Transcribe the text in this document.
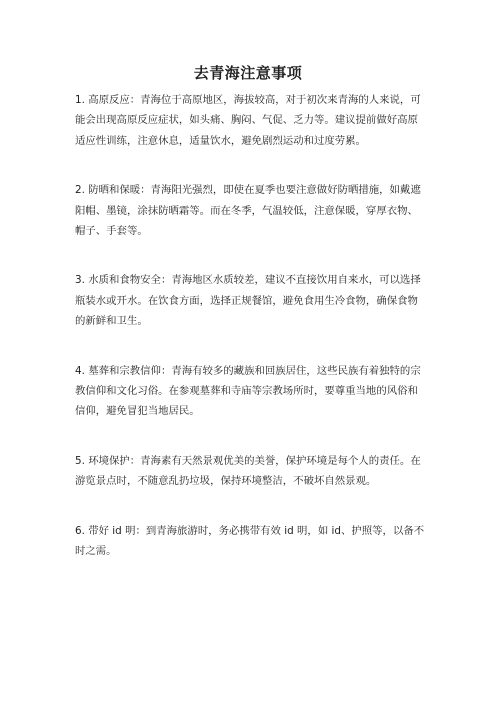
去青海注意事项

1. 高原反应：青海位于高原地区，海拔较高，对于初次来青海的人来说，可能会出现高原反应症状，如头痛、胸闷、气促、乏力等。建议提前做好高原适应性训练，注意休息，适量饮水，避免剧烈运动和过度劳累。

2. 防晒和保暖：青海阳光强烈，即使在夏季也要注意做好防晒措施，如戴遮阳帽、墨镜，涂抹防晒霜等。而在冬季，气温较低，注意保暖，穿厚衣物、帽子、手套等。

3. 水质和食物安全：青海地区水质较差，建议不直接饮用自来水，可以选择瓶装水或开水。在饮食方面，选择正规餐馆，避免食用生冷食物，确保食物的新鲜和卫生。

4. 墓葬和宗教信仰：青海有较多的藏族和回族居住，这些民族有着独特的宗教信仰和文化习俗。在参观墓葬和寺庙等宗教场所时，要尊重当地的风俗和信仰，避免冒犯当地居民。

5. 环境保护：青海素有天然景观优美的美誉，保护环境是每个人的责任。在游览景点时，不随意乱扔垃圾，保持环境整洁，不破坏自然景观。

6. 带好 id 明：到青海旅游时，务必携带有效 id 明，如 id、护照等，以备不时之需。
